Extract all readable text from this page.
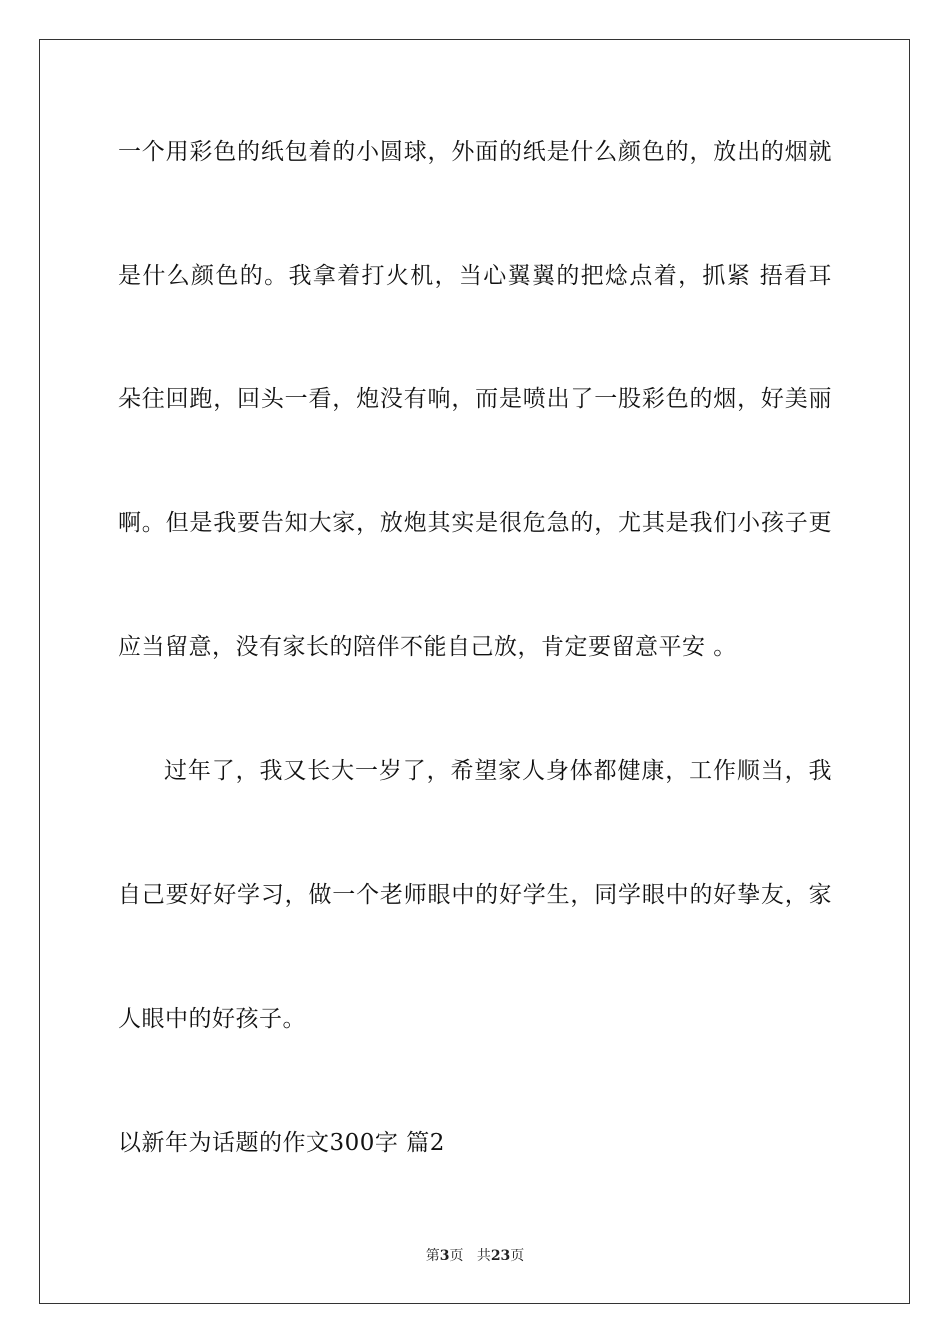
一个用彩色的纸包着的小圆球，外面的纸是什么颜色的，放出的烟就
是什么颜色的。我拿着打火机，当心翼翼的把焾点着，抓紧 捂看耳
朵往回跑，回头一看，炮没有响，而是喷出了一股彩色的烟，好美丽
啊。但是我要告知大家，放炮其实是很危急的，尤其是我们小孩子更
应当留意，没有家长的陪伴不能自己放，肯定要留意平安 。
过年了，我又长大一岁了，希望家人身体都健康，工作顺当，我
自己要好好学习，做一个老师眼中的好学生，同学眼中的好挚友，家
人眼中的好孩子。
以新年为话题的作文300字 篇2
第3页 共23页
